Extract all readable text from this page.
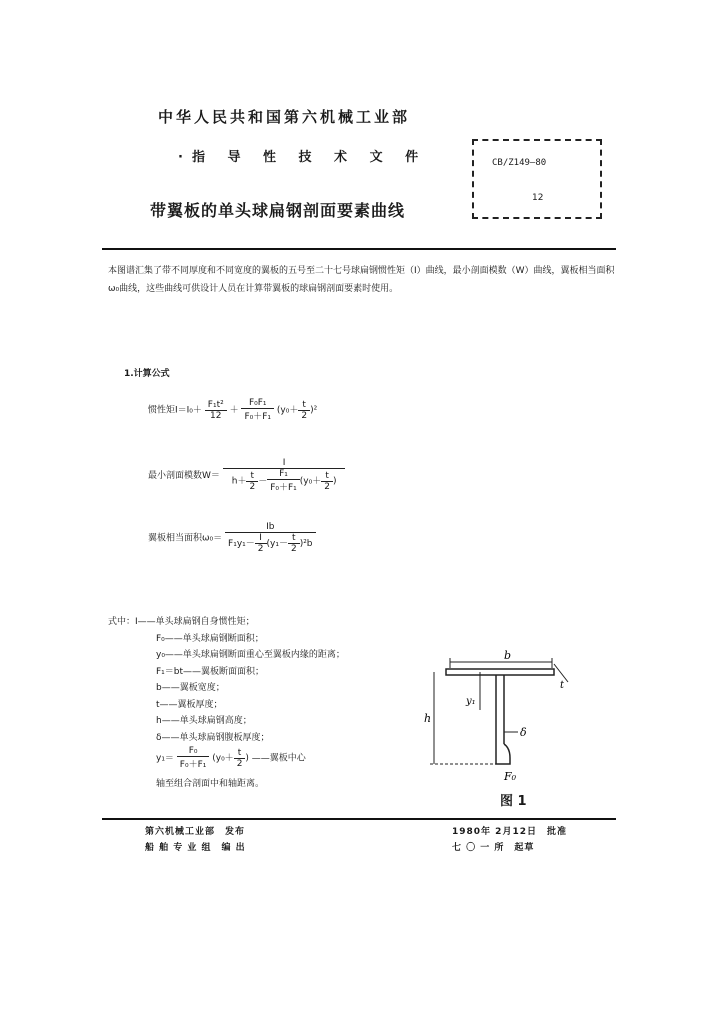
中华人民共和国第六机械工业部
·指 导 性 技 术 文 件
带翼板的单头球扁钢剖面要素曲线
CB/Z149—80
12
本图谱汇集了带不同厚度和不同宽度的翼板的五号至二十七号球扁钢惯性矩（I）曲线，最小剖面模数（W）曲线，翼板相当面积ω₀曲线，这些曲线可供设计人员在计算带翼板的球扁钢剖面要素时使用。
1.计算公式
惯性矩$I=I_0+ \frac{\text{F₁t²}}{12} + \frac{\text{F₀F₁}}{\text{F₀＋F₁}} (y_0+ \frac{t}{2} )^2$
最小剖面模数$W= \frac{I}{h+ \frac{t}{2} - \frac{\text{F₁}}{\text{F₀＋F₁}} (y_0+ \frac{t}{2} )}$
翼板相当面积$\omega_0= \frac{Ib}{F_1y_1- \frac{I}{2} (y_1- \frac{t}{2} )^2b}$
式中：I——单头球扁钢自身惯性矩；
F₀——单头球扁钢断面积；
y₀——单头球扁钢断面重心至翼板内缘的距离；
F₁＝bt——翼板断面面积；
b——翼板宽度；
t——翼板厚度；
h——单头球扁钢高度；
δ——单头球扁钢腹板厚度；
$y_1= \frac{\text{F₀}}{\text{F₀＋F₁}} (y_0+ \frac{t}{2}$ ) ——翼板中心
轴至组合剖面中和轴距离。
b
t
h
y₁
δ
F₀
图 1
第六机械工业部　发布
船 舶 专 业 组　编 出
1980年 2月12日　批准
七 〇 一 所　起草
